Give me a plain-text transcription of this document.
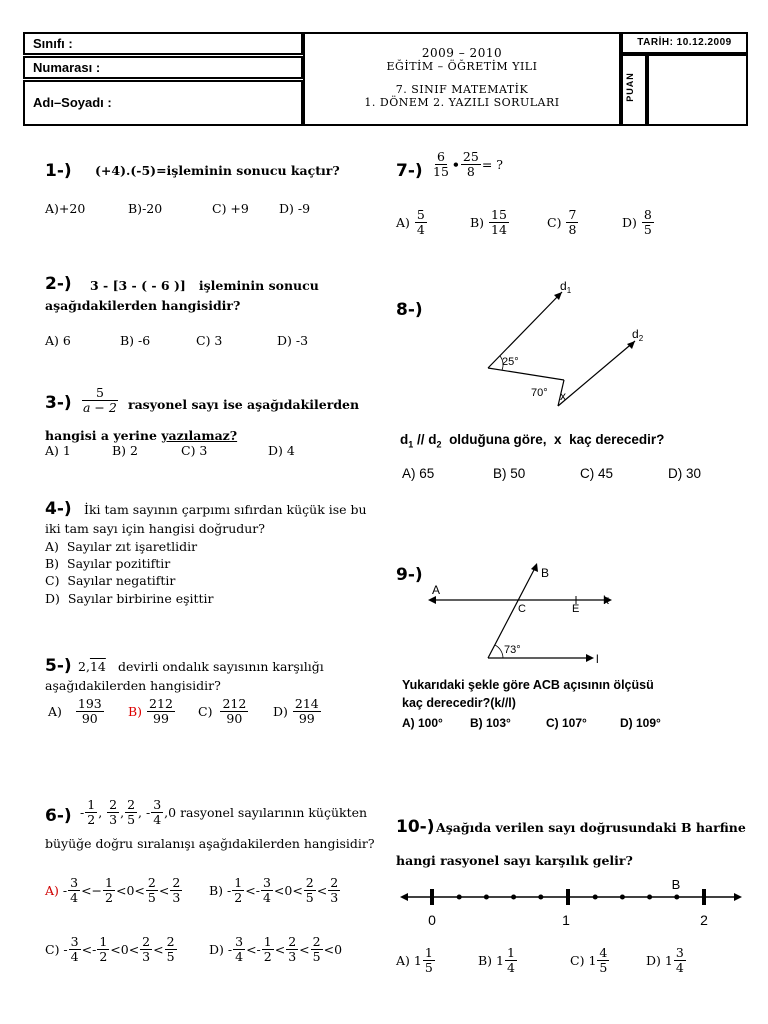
Sınıfı :
Numarası :
Adı–Soyadı :
2009 – 2010
EĞİTİM – ÖĞRETİM YILI
7. SINIF MATEMATİK
1. DÖNEM 2. YAZILI SORULARI
TARİH: 10.12.2009
PUAN
1-) (+4).(-5)=işleminin sonucu kaçtır?
A)+20	B)-20	C) +9 D) -9
2-) 3 - [3 - ( - 6 )]   işleminin sonucu
aşağıdakilerden hangisidir?
A) 6	B) -6	C) 3	D) -3
$3-) \frac{5}{a - 2}$ rasyonel sayı ise aşağıdakilerden
hangisi a yerine yazılamaz?
A) 1	B) 2	C) 3	D) 4
4-) İki tam sayının çarpımı sıfırdan küçük ise bu
iki tam sayı için hangisi doğrudur?
A)  Sayılar zıt işaretlidir
B)  Sayılar pozitiftir
C)  Sayılar negatiftir
D)  Sayılar birbirine eşittir
5-) 2,14 devirli ondalık sayısının karşılığı
aşağıdakilerden hangisidir?
$A) \frac{193}{90} B) \frac{212}{99} C) \frac{212}{90} D) \frac{214}{99}$
$6-) - \frac{1}{2}$ , $\frac{2}{3}$ , $\frac{2}{5}$ , - $\frac{3}{4} ,0$ rasyonel sayılarının küçükten
büyüğe doğru sıralanışı aşağıdakilerden hangisidir?
$A) - \frac{3}{4} <- \frac{1}{2} <0< \frac{2}{5} < \frac{2}{3} B) - \frac{1}{2} <- \frac{3}{4} <0< \frac{2}{5} < \frac{2}{3}$
$C) - \frac{3}{4} <- \frac{1}{2} <0< \frac{2}{3} < \frac{2}{5}$	$D) - \frac{3}{4} <- \frac{1}{2} < \frac{2}{3} < \frac{2}{5} <0$
$7-) \frac{6}{15}$ • $\frac{25}{8}$ = ?
A)
$\frac{5}{4}$	B)
$\frac{15}{14}$	C)
$\frac{7}{8}$	D)
$\frac{8}{5}$
8-)
25°
70° x
$d_1$
$d_2$
$d_1 // d_2$ olduğuna göre,  x  kaç derecedir?
A) 65	B) 50	C) 45	D) 30
9-)
73°
A
B
C	E
k
l
Yukarıdaki şekle göre ACB açısının ölçüsü
kaç derecedir?(k//l)
A) 100° B) 103°	C) 107°	D) 109°
10-) Aşağıda verilen sayı doğrusundaki B harfine
hangi rasyonel sayı karşılık gelir?
0	1	2
B
A)
$1 \frac{1}{5}$	B)
$1 \frac{1}{4}$	C)
$1 \frac{4}{5}$	D)
$1 \frac{3}{4}$
